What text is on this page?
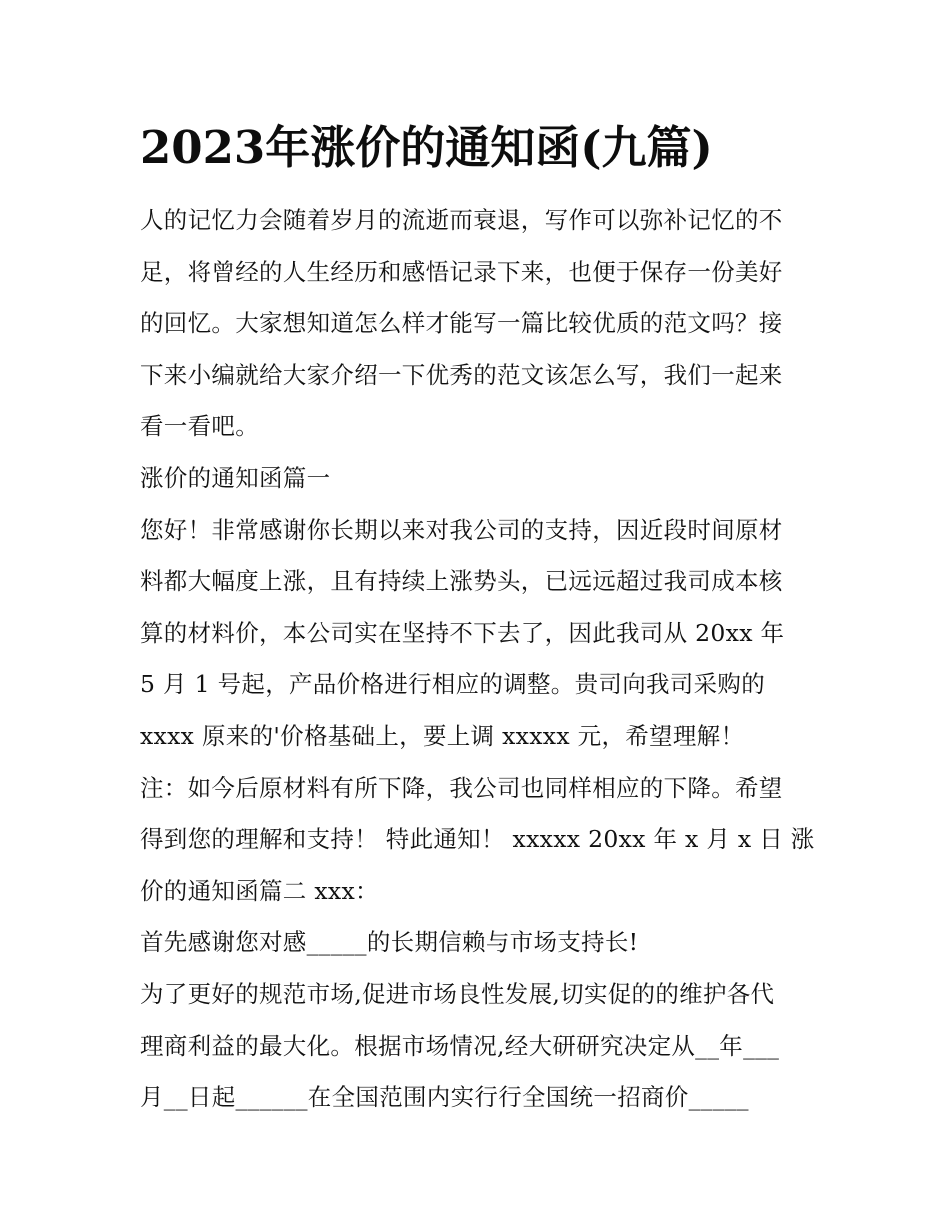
2023年涨价的通知函(九篇)
人的记忆力会随着岁月的流逝而衰退，写作可以弥补记忆的不
足，将曾经的人生经历和感悟记录下来，也便于保存一份美好
的回忆。大家想知道怎么样才能写一篇比较优质的范文吗？接
下来小编就给大家介绍一下优秀的范文该怎么写，我们一起来
看一看吧。
涨价的通知函篇一
您好！非常感谢你长期以来对我公司的支持，因近段时间原材
料都大幅度上涨，且有持续上涨势头，已远远超过我司成本核
算的材料价，本公司实在坚持不下去了，因此我司从 20xx 年
5 月 1 号起，产品价格进行相应的调整。贵司向我司采购的
xxxx 原来的'价格基础上，要上调 xxxxx 元，希望理解！
注：如今后原材料有所下降，我公司也同样相应的下降。希望
得到您的理解和支持！ 特此通知！ xxxxx 20xx 年 x 月 x 日 涨
价的通知函篇二 xxx：
首先感谢您对感_____的长期信赖与市场支持长!
为了更好的规范市场,促进市场良性发展,切实促的的维护各代
理商利益的最大化。根据市场情况,经大研研究决定从__年___
月__日起______在全国范围内实行行全国统一招商价_____
